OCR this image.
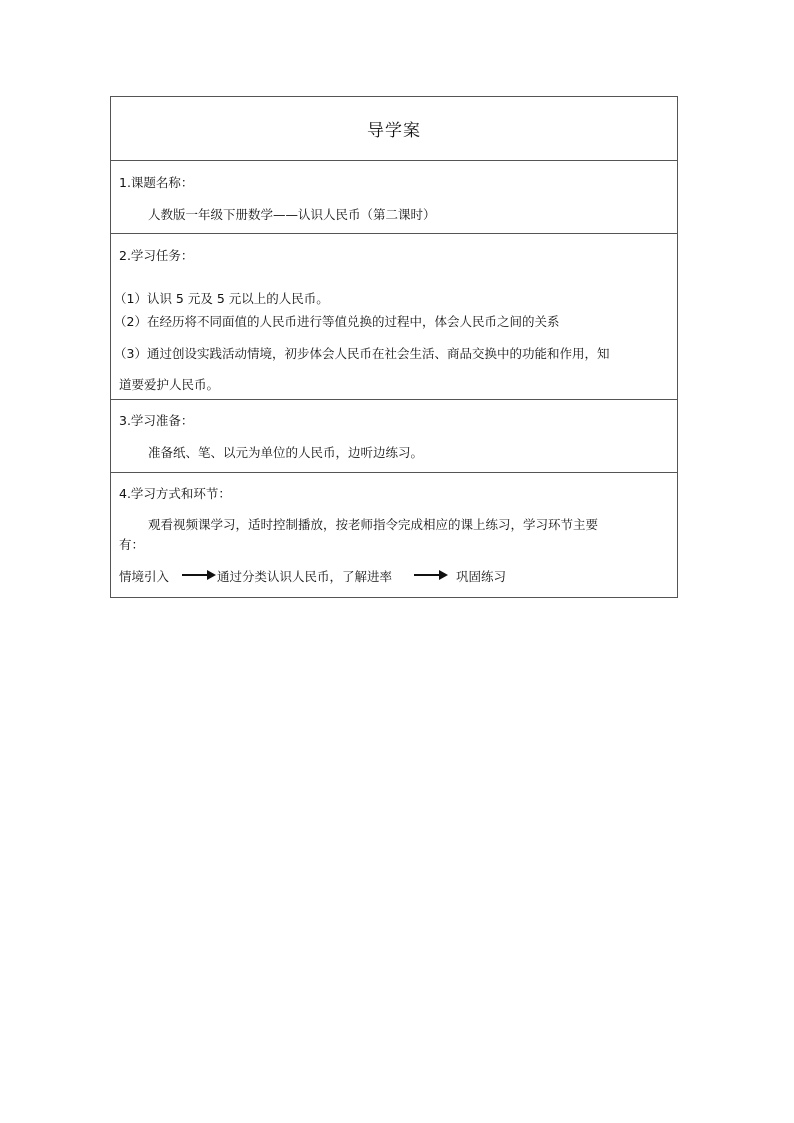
导学案
1.课题名称：
人教版一年级下册数学——认识人民币（第二课时）
2.学习任务：
（1）认识 5 元及 5 元以上的人民币。
（2）在经历将不同面值的人民币进行等值兑换的过程中，体会人民币之间的关系
（3）通过创设实践活动情境，初步体会人民币在社会生活、商品交换中的功能和作用，知
道要爱护人民币。
3.学习准备：
准备纸、笔、以元为单位的人民币，边听边练习。
4.学习方式和环节：
观看视频课学习，适时控制播放，按老师指令完成相应的课上练习，学习环节主要
有：
情境引入	通过分类认识人民币，了解进率	巩固练习
